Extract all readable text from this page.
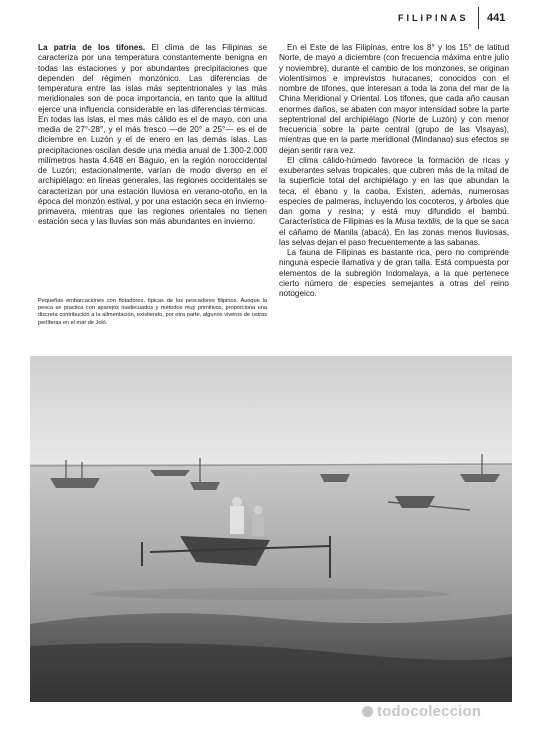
FILIPINAS 441

La patria de los tifones. El clima de las Filipinas se caracteriza por una temperatura constantemente benigna en todas las estaciones y por abundantes precipitaciones que dependen del régimen monzónico. Las diferencias de temperatura entre las islas más septentrionales y las más meridionales son de poca importancia, en tanto que la altitud ejerce una influencia considerable en las diferencias térmicas. En todas las islas, el mes más cálido es el de mayo, con una media de 27°-28°, y el más fresco —de 20° a 25°— es el de diciembre en Luzón y el de enero en las demás islas. Las precipitaciones oscilan desde una media anual de 1.300-2.000 milímetros hasta 4.648 en Baguio, en la región noroccidental de Luzón; estacionalmente, varían de modo diverso en el archipiélago: en líneas generales, las regiones occidentales se caracterizan por una estación lluviosa en verano-otoño, en la época del monzón estival, y por una estación seca en invierno-primavera, mientras que las regiones orientales no tienen estación seca y las lluvias son más abundantes en invierno.

En el Este de las Filipinas, entre los 8° y los 15° de latitud Norte, de mayo a diciembre (con frecuencia máxima entre julio y noviembre), durante el cambio de los monzones, se originan violentísimos e imprevistos huracanes, conocidos con el nombre de tifones, que interesan a toda la zona del mar de la China Meridional y Oriental. Los tifones, que cada año causan enormes daños, se abaten con mayor intensidad sobre la parte septentrional del archipiélago (Norte de Luzón) y con menor frecuencia sobre la parte central (grupo de las Visayas), mientras que en la parte meridional (Mindanao) sus efectos se dejan sentir rara vez.

El clima cálido-húmedo favorece la formación de ricas y exuberantes selvas tropicales, que cubren más de la mitad de la superficie total del archipiélago y en las que abundan la teca, el ébano y la caoba. Existen, además, numerosas especies de palmeras, incluyendo los cocoteros, y árboles que dan goma y resina; y está muy difundido el bambú. Característica de Filipinas es la Musa textilis, de la que se saca el cáñamo de Manila (abacá). En las zonas menos lluviosas, las selvas dejan el paso frecuentemente a las sabanas.

La fauna de Filipinas es bastante rica, pero no comprende ninguna especie llamativa y de gran talla. Está compuesta por elementos de la subregión Indomalaya, a la que pertenece cierto número de especies semejantes a otras del reino notogeico.

Pequeñas embarcaciones con flotadores, típicas de los pescadores filipinos. Aunque la pesca se practica con aparejos inadecuados y métodos muy primitivos, proporciona una discreta contribución a la alimentación, existiendo, por otra parte, algunos viveros de ostras perlíferas en el mar de Joló.
todocoleccion
